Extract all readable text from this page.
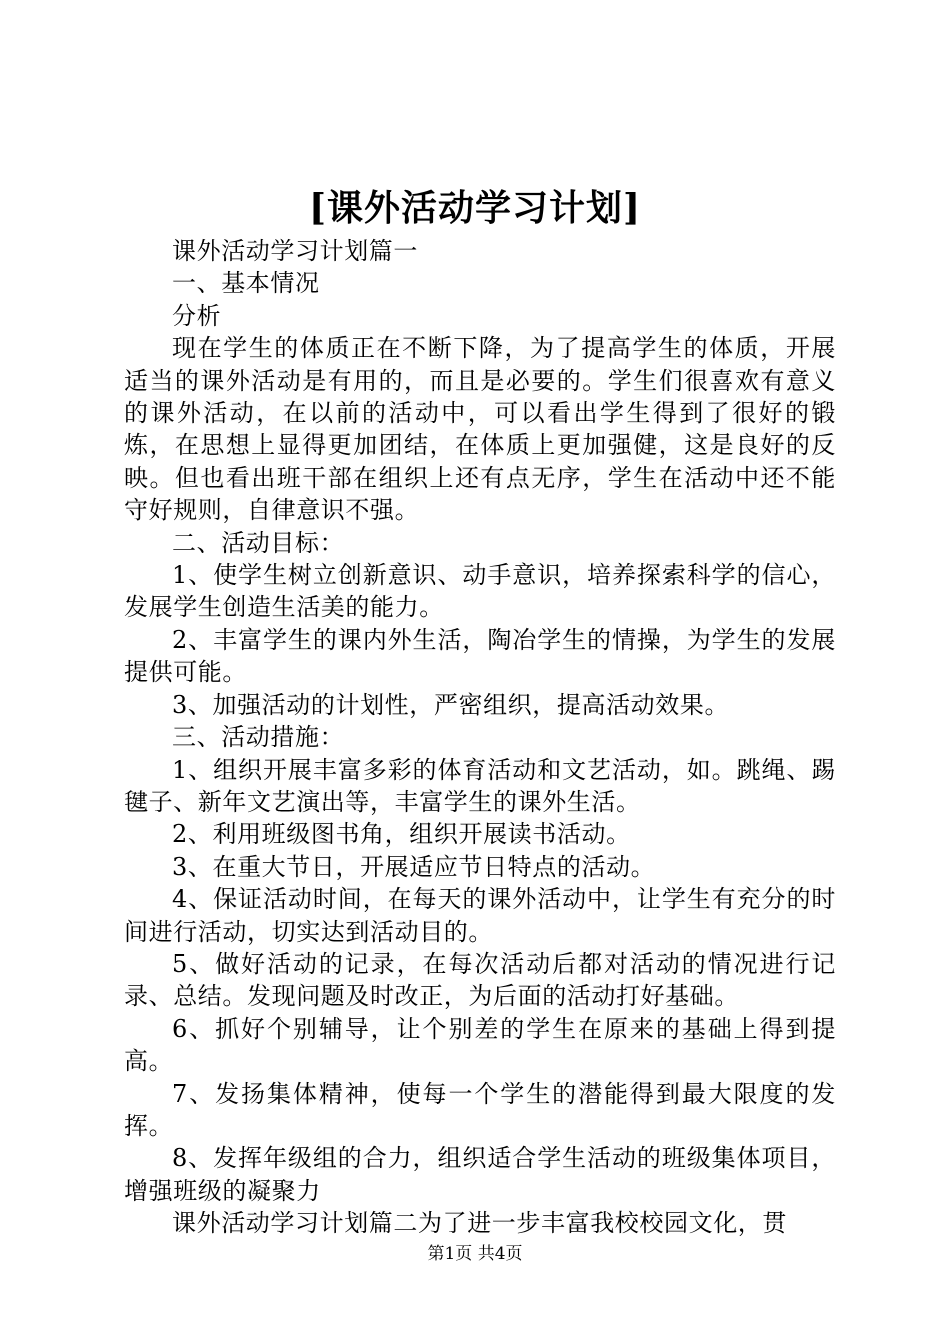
[课外活动学习计划]

课外活动学习计划篇一

一、基本情况

分析

现在学生的体质正在不断下降，为了提高学生的体质，开展适当的课外活动是有用的，而且是必要的。学生们很喜欢有意义的课外活动，在以前的活动中，可以看出学生得到了很好的锻炼，在思想上显得更加团结，在体质上更加强健，这是良好的反映。但也看出班干部在组织上还有点无序，学生在活动中还不能守好规则，自律意识不强。

二、活动目标：

1、使学生树立创新意识、动手意识，培养探索科学的信心，发展学生创造生活美的能力。

2、丰富学生的课内外生活，陶冶学生的情操，为学生的发展提供可能。

3、加强活动的计划性，严密组织，提高活动效果。

三、活动措施：

1、组织开展丰富多彩的体育活动和文艺活动，如。跳绳、踢毽子、新年文艺演出等，丰富学生的课外生活。

2、利用班级图书角，组织开展读书活动。

3、在重大节日，开展适应节日特点的活动。

4、保证活动时间，在每天的课外活动中，让学生有充分的时间进行活动，切实达到活动目的。

5、做好活动的记录，在每次活动后都对活动的情况进行记录、总结。发现问题及时改正，为后面的活动打好基础。

6、抓好个别辅导，让个别差的学生在原来的基础上得到提高。

7、发扬集体精神，使每一个学生的潜能得到最大限度的发挥。

8、发挥年级组的合力，组织适合学生活动的班级集体项目，增强班级的凝聚力

课外活动学习计划篇二为了进一步丰富我校校园文化，贯

第1页 共4页
